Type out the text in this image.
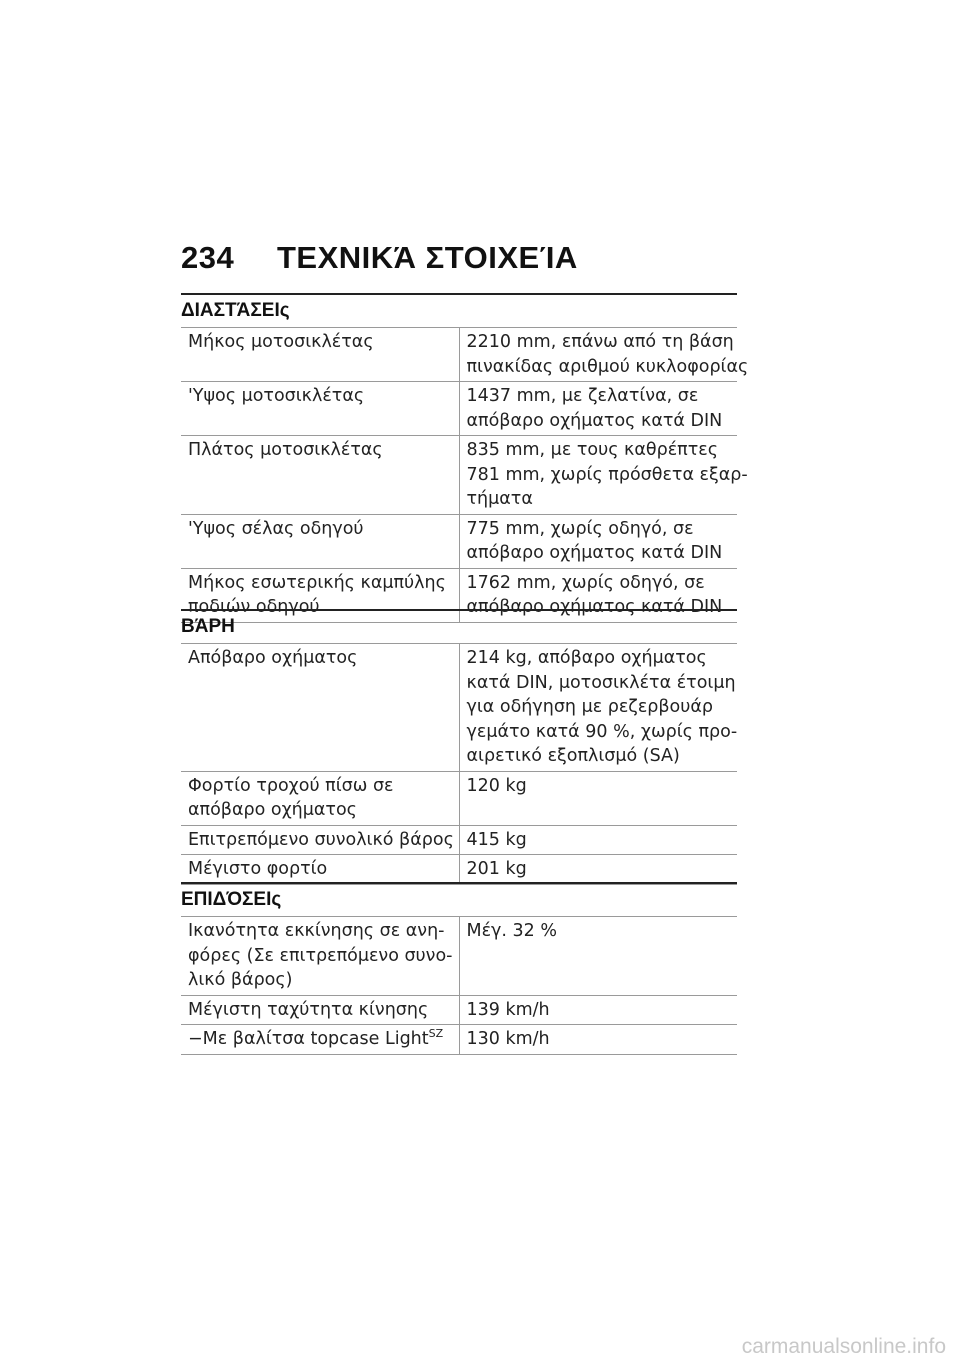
234 ΤΕΧΝΙΚΆ ΣΤΟΙΧΕΊΑ
ΔΙΑΣΤΆΣΕΙς
Μήκος μοτοσικλέτας	2210 mm, επάνω από τη βάση
πινακίδας αριθμού κυκλοφορίας

'Υψος μοτοσικλέτας	1437 mm, με ζελατίνα, σε
απόβαρο οχήματος κατά DIN

Πλάτος μοτοσικλέτας	835 mm, με τους καθρέπτες
781 mm, χωρίς πρόσθετα εξαρ-
τήματα

'Υψος σέλας οδηγού	775 mm, χωρίς οδηγό, σε
απόβαρο οχήματος κατά DIN

Μήκος εσωτερικής καμπύλης
ποδιών οδηγού	1762 mm, χωρίς οδηγό, σε
απόβαρο οχήματος κατά DIN
ΒΆΡΗ
Απόβαρο οχήματος	214 kg, απόβαρο οχήματος
κατά DIN, μοτοσικλέτα έτοιμη
για οδήγηση με ρεζερβουάρ
γεμάτο κατά 90 %, χωρίς προ-
αιρετικό εξοπλισμό (SA)

Φορτίο τροχού πίσω σε
απόβαρο οχήματος	120 kg

Επιτρεπόμενο συνολικό βάρος	415 kg

Μέγιστο φορτίο	201 kg
ΕΠΙΔΌΣΕΙς
Ικανότητα εκκίνησης σε ανη-
φόρες (Σε επιτρεπόμενο συνο-
λικό βάρος)	Μέγ. 32 %

Μέγιστη ταχύτητα κίνησης	139 km/h

−Με βαλίτσα topcase Light$^{SZ}$	130 km/h
carmanualsonline.info
